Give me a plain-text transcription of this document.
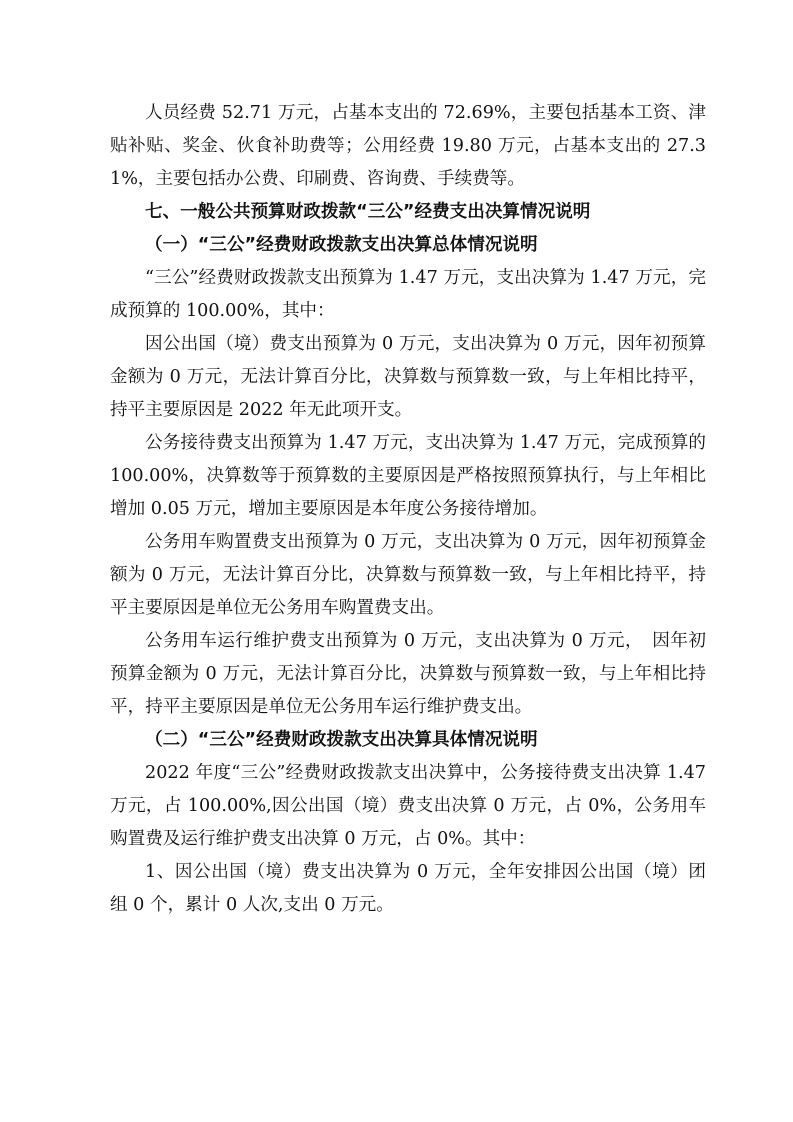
人员经费 52.71 万元，占基本支出的 72.69%，主要包括基本工资、津贴补贴、奖金、伙食补助费等；公用经费 19.80 万元，占基本支出的 27.31%，主要包括办公费、印刷费、咨询费、手续费等。

七、一般公共预算财政拨款“三公”经费支出决算情况说明
（一）“三公”经费财政拨款支出决算总体情况说明

“三公”经费财政拨款支出预算为 1.47 万元，支出决算为 1.47 万元，完成预算的 100.00%，其中：

因公出国（境）费支出预算为 0 万元，支出决算为 0 万元，因年初预算金额为 0 万元，无法计算百分比，决算数与预算数一致，与上年相比持平，持平主要原因是 2022 年无此项开支。

公务接待费支出预算为 1.47 万元，支出决算为 1.47 万元，完成预算的 100.00%，决算数等于预算数的主要原因是严格按照预算执行，与上年相比增加 0.05 万元，增加主要原因是本年度公务接待增加。

公务用车购置费支出预算为 0 万元，支出决算为 0 万元，因年初预算金额为 0 万元，无法计算百分比，决算数与预算数一致，与上年相比持平，持平主要原因是单位无公务用车购置费支出。

公务用车运行维护费支出预算为 0 万元，支出决算为 0 万元，　因年初预算金额为 0 万元，无法计算百分比，决算数与预算数一致，与上年相比持平，持平主要原因是单位无公务用车运行维护费支出。

（二）“三公”经费财政拨款支出决算具体情况说明

2022 年度“三公”经费财政拨款支出决算中，公务接待费支出决算 1.47 万元，占 100.00%,因公出国（境）费支出决算 0 万元，占 0%，公务用车购置费及运行维护费支出决算 0 万元，占 0%。其中：

1、因公出国（境）费支出决算为 0 万元，全年安排因公出国（境）团组 0 个，累计 0 人次,支出 0 万元。
